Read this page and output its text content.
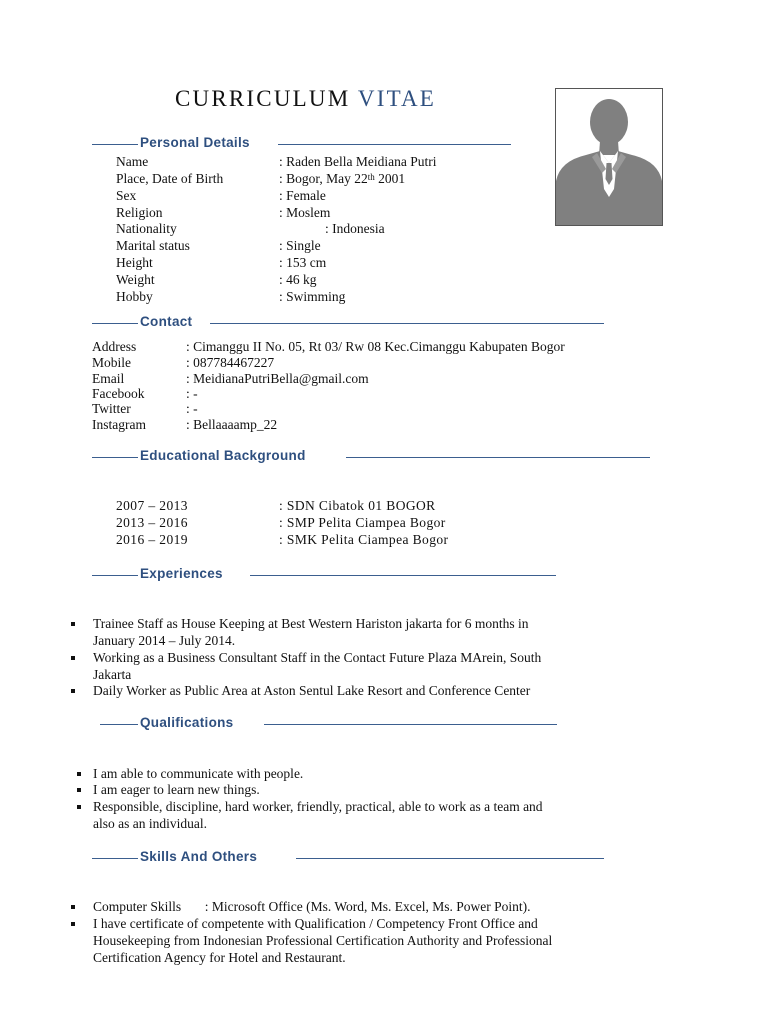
CURRICULUM VITAE
Personal Details
Name	: Raden Bella Meidiana Putri
Place, Date of Birth	: Bogor, May 22th 2001
Sex	: Female
Religion	: Moslem
Nationality	: Indonesia
Marital status	: Single
Height	: 153 cm
Weight	: 46 kg
Hobby	: Swimming
Contact
Address	: Cimanggu II No. 05, Rt 03/ Rw 08 Kec.Cimanggu Kabupaten Bogor
Mobile	: 087784467227
Email	: MeidianaPutriBella@gmail.com
Facebook	: -
Twitter	: -
Instagram	: Bellaaaamp_22
Educational Background
2007 – 2013	: SDN Cibatok 01 BOGOR
2013 – 2016	: SMP Pelita Ciampea Bogor
2016 – 2019	: SMK Pelita Ciampea Bogor
Experiences
Trainee Staff as House Keeping at Best Western Hariston jakarta for 6 months in
January 2014 – July 2014.
Working as a Business Consultant Staff in the Contact Future Plaza MArein, South
Jakarta
Daily Worker as Public Area at Aston Sentul Lake Resort and Conference Center
Qualifications
I am able to communicate with people.
I am eager to learn new things.
Responsible, discipline, hard worker, friendly, practical, able to work as a team and
also as an individual.
Skills And Others
Computer Skills       : Microsoft Office (Ms. Word, Ms. Excel, Ms. Power Point).
I have certificate of competente with Qualification / Competency Front Office and
Housekeeping from Indonesian Professional Certification Authority and Professional
Certification Agency for Hotel and Restaurant.
